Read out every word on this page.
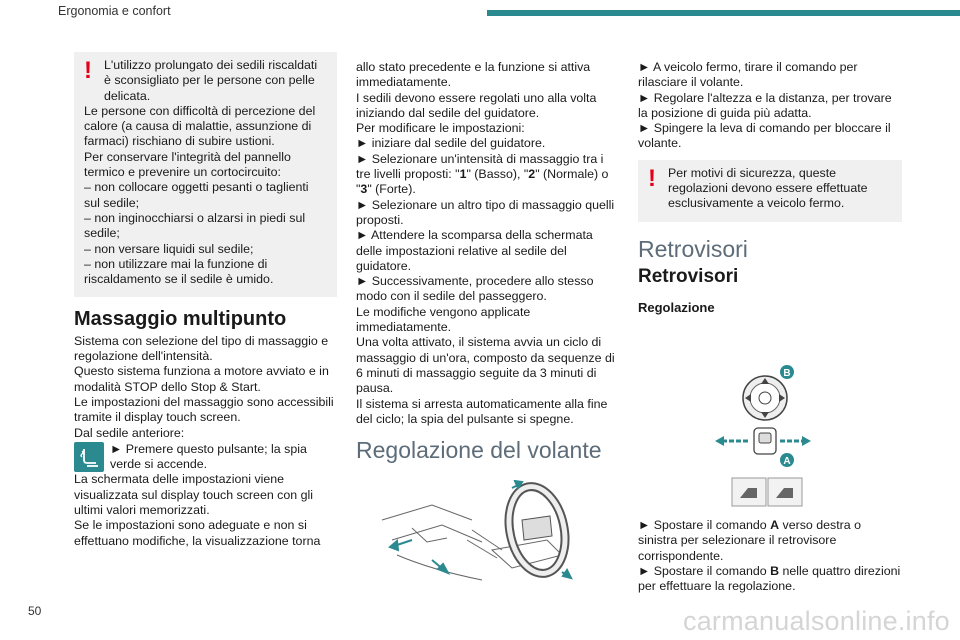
Ergonomia e confort
! L'utilizzo prolungato dei sedili riscaldati è sconsigliato per le persone con pelle delicata.

Le persone con difficoltà di percezione del calore (a causa di malattie, assunzione di farmaci) rischiano di subire ustioni.

Per conservare l'integrità del pannello termico e prevenire un cortocircuito:

– non collocare oggetti pesanti o taglienti sul sedile;

– non inginocchiarsi o alzarsi in piedi sul sedile;

– non versare liquidi sul sedile;

– non utilizzare mai la funzione di riscaldamento se il sedile è umido.

Massaggio multipunto

Sistema con selezione del tipo di massaggio e regolazione dell'intensità.

Questo sistema funziona a motore avviato e in modalità STOP dello Stop & Start.

Le impostazioni del massaggio sono accessibili tramite il display touch screen.

Dal sedile anteriore:

► Premere questo pulsante; la spia verde si accende.

La schermata delle impostazioni viene visualizzata sul display touch screen con gli ultimi valori memorizzati.

Se le impostazioni sono adeguate e non si effettuano modifiche, la visualizzazione torna

allo stato precedente e la funzione si attiva immediatamente.

I sedili devono essere regolati uno alla volta iniziando dal sedile del guidatore.

Per modificare le impostazioni:

► iniziare dal sedile del guidatore.

► Selezionare un'intensità di massaggio tra i tre livelli proposti: "1" (Basso), "2" (Normale) o "3" (Forte).

► Selezionare un altro tipo di massaggio quelli proposti.

► Attendere la scomparsa della schermata delle impostazioni relative al sedile del guidatore.

► Successivamente, procedere allo stesso modo con il sedile del passeggero.

Le modifiche vengono applicate immediatamente.

Una volta attivato, il sistema avvia un ciclo di massaggio di un'ora, composto da sequenze di 6 minuti di massaggio seguite da 3 minuti di pausa.

Il sistema si arresta automaticamente alla fine del ciclo; la spia del pulsante si spegne.

Regolazione del volante

► A veicolo fermo, tirare il comando per rilasciare il volante.

► Regolare l'altezza e la distanza, per trovare la posizione di guida più adatta.

► Spingere la leva di comando per bloccare il volante.

! Per motivi di sicurezza, queste regolazioni devono essere effettuate esclusivamente a veicolo fermo.

Retrovisori
Retrovisori
Regolazione
B
A

► Spostare il comando A verso destra o sinistra per selezionare il retrovisore corrispondente.

► Spostare il comando B nelle quattro direzioni per effettuare la regolazione.

50	carmanualsonline.info
